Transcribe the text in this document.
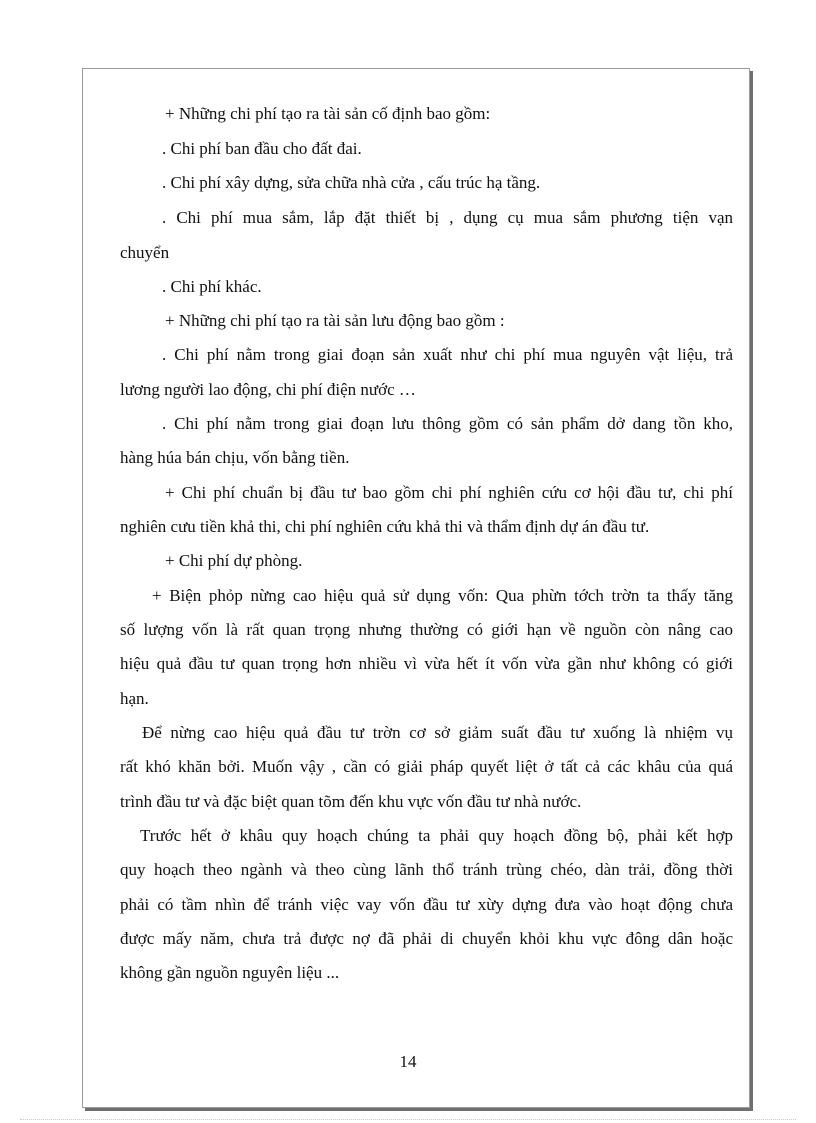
+ Những chi phí tạo ra tài sản cố định bao gồm:
. Chi phí ban đầu cho đất đai.
. Chi phí xây dựng, sửa chữa nhà cửa , cấu trúc hạ tầng.
. Chi phí mua sắm, lắp đặt thiết bị , dụng cụ mua sắm phương tiện vạn
chuyển
. Chi phí khác.
+ Những chi phí tạo ra tài sản lưu động bao gồm :
. Chi phí nằm trong giai đoạn sản xuất như chi phí mua nguyên vật liệu, trả
lương người lao động, chi phí điện nước …
. Chi phí nằm trong giai đoạn lưu thông gồm có sản phẩm dở dang tồn kho,
hàng húa bán chịu, vốn bằng tiền.
+ Chi phí chuẩn bị đầu tư bao gồm chi phí nghiên cứu cơ hội đầu tư, chi phí
nghiên cưu tiền khả thi, chi phí nghiên cứu khả thi và thẩm định dự án đầu tư.
+ Chi phí dự phòng.
+ Biện phỏp nừng cao hiệu quả sử dụng vốn: Qua phừn tớch trờn ta thấy tăng
số lượng vốn là rất quan trọng nhưng thường có giới hạn về nguồn còn nâng cao
hiệu quả đầu tư quan trọng hơn nhiều vì vừa hết ít vốn vừa gần như không có giới
hạn.
Để nừng cao hiệu quả đầu tư trờn cơ sở giảm suất đầu tư xuống là nhiệm vụ
rất khó khăn bởi. Muốn vậy , cần có giải pháp quyết liệt ở tất cả các khâu của quá
trình đầu tư và đặc biệt quan tõm đến khu vực vốn đầu tư nhà nước.
Trước hết ở khâu quy hoạch chúng ta phải quy hoạch đồng bộ, phải kết hợp
quy hoạch theo ngành và theo cùng lãnh thổ tránh trùng chéo, dàn trải, đồng thời
phải có tầm nhìn để tránh việc vay vốn đầu tư xừy dựng đưa vào hoạt động chưa
được mấy năm, chưa trả được nợ đã phải di chuyển khỏi khu vực đông dân hoặc
không gần nguồn nguyên liệu ...
14
